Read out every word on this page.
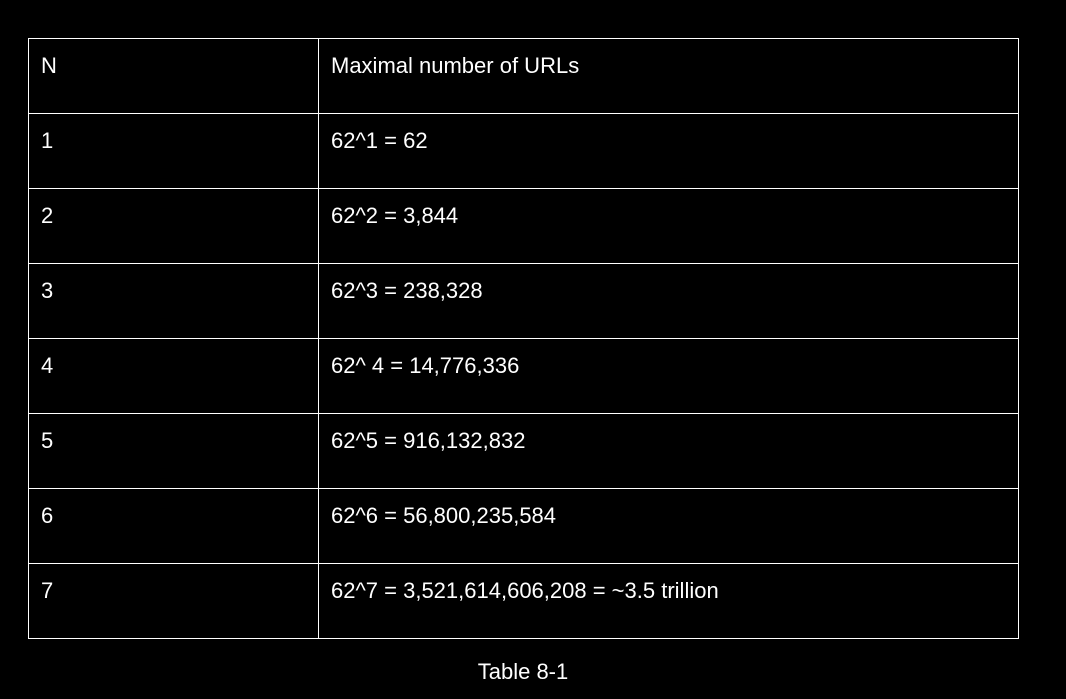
N	Maximal number of URLs
1	62^1 = 62
2	62^2 = 3,844
3	62^3 = 238,328
4	62^ 4 = 14,776,336
5	62^5 = 916,132,832
6	62^6 = 56,800,235,584
7	62^7 = 3,521,614,606,208 = ~3.5 trillion
Table 8-1
